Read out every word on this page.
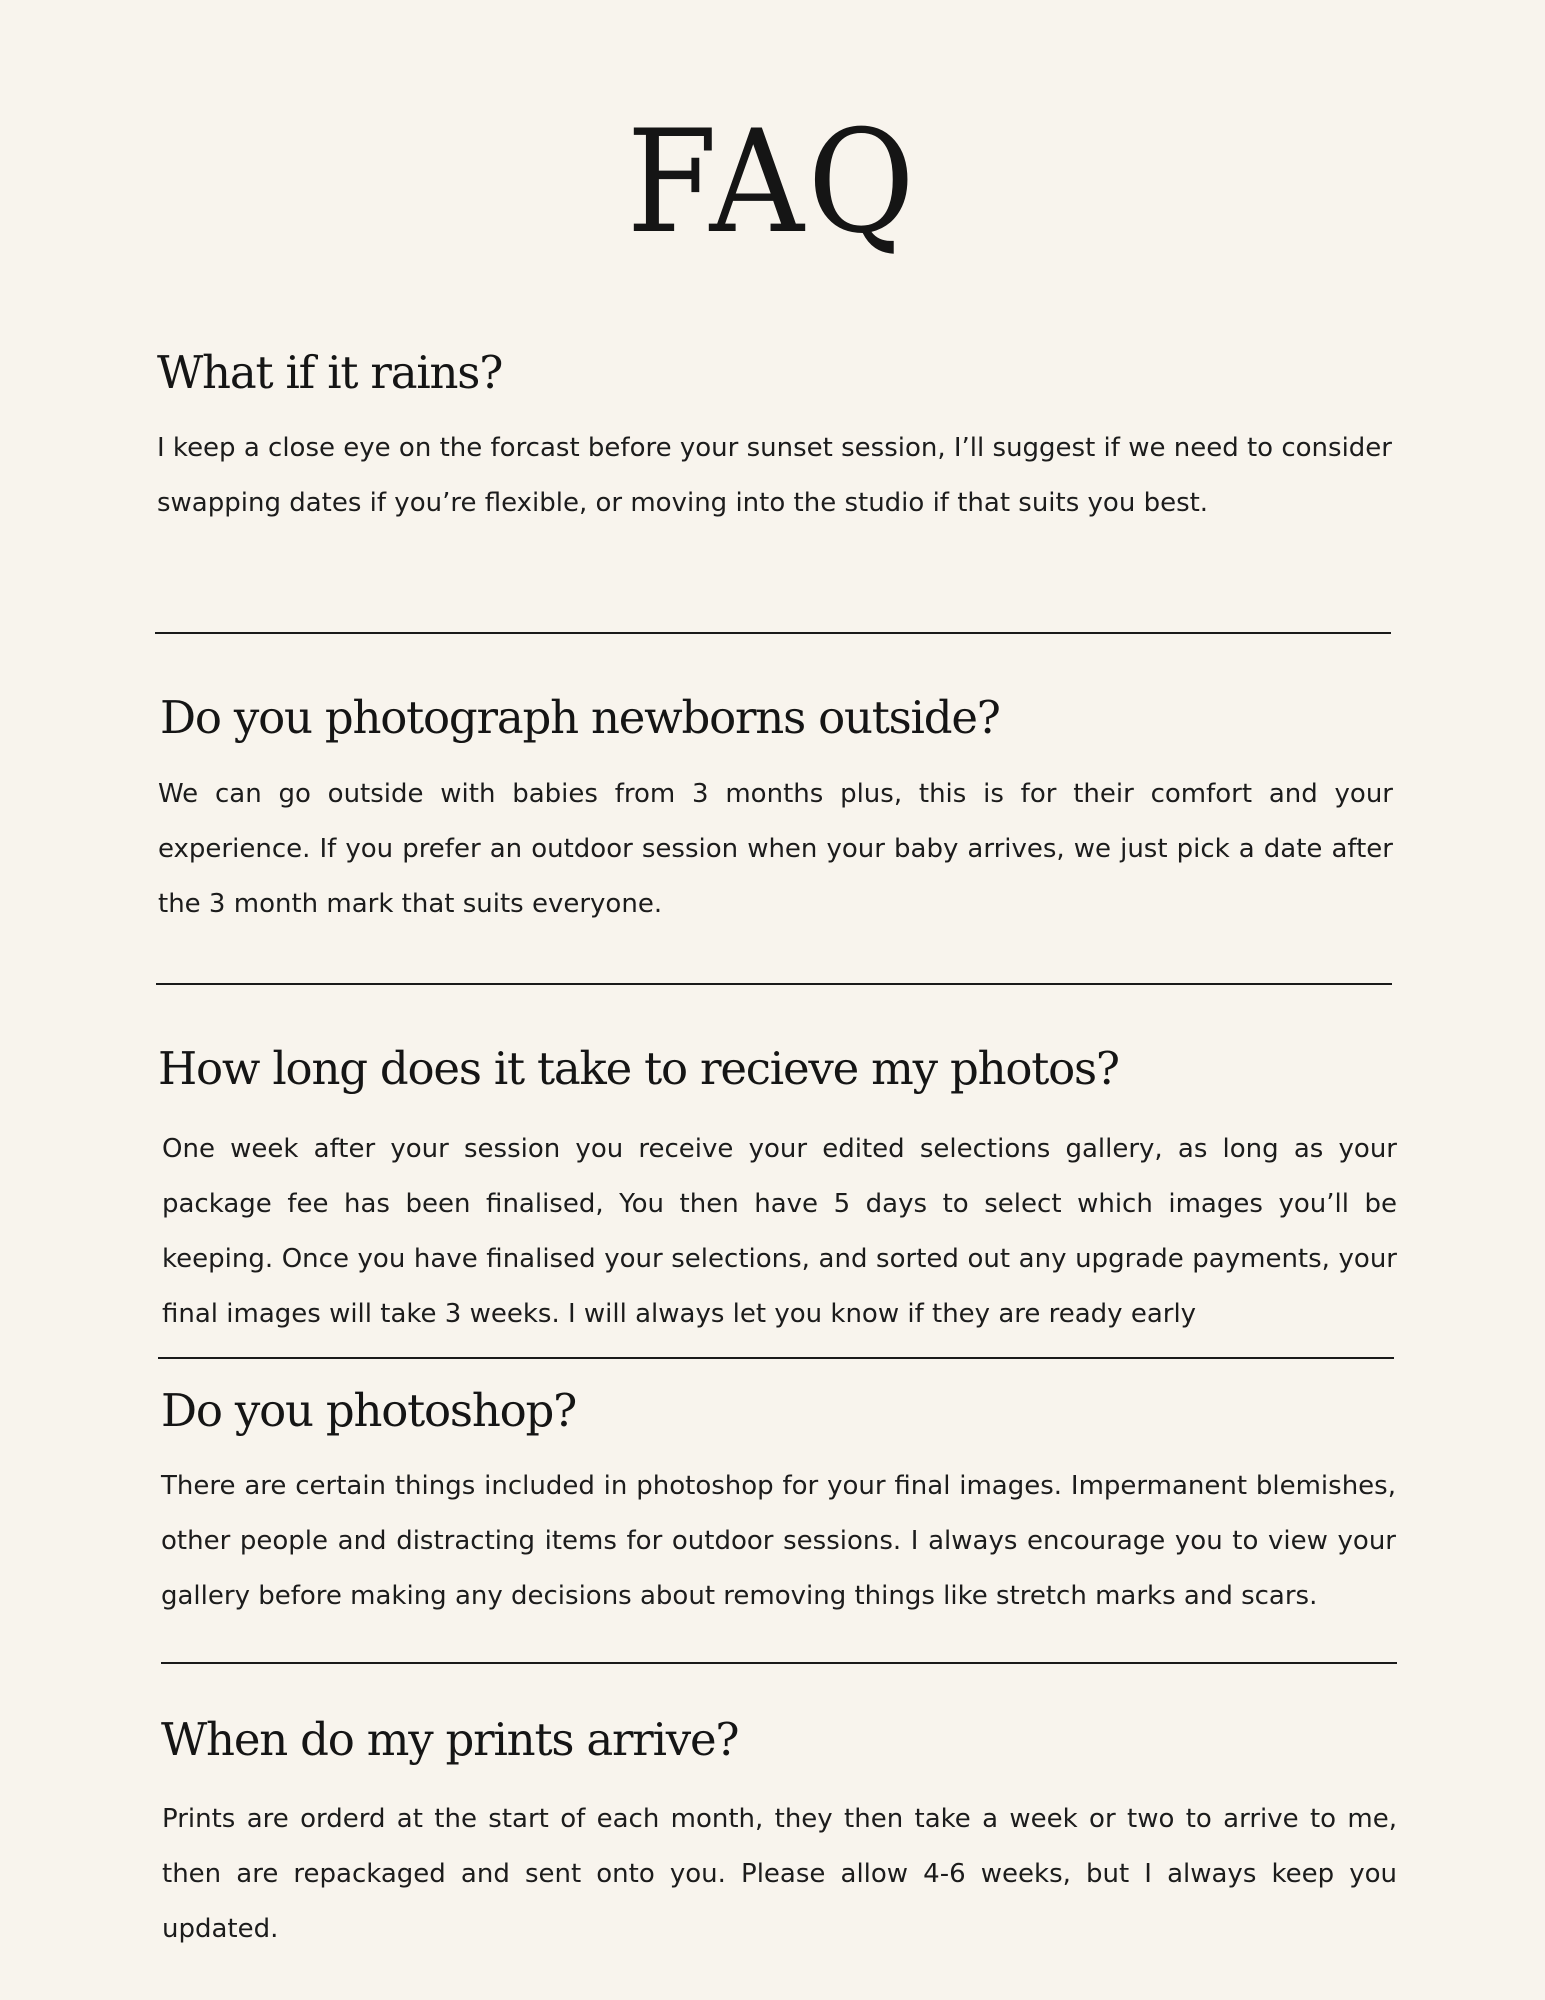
FAQ
What if it rains?

I keep a close eye on the forcast before your sunset session, I’ll suggest if we need to consider swapping dates if you’re flexible, or moving into the studio if that suits you best.

Do you photograph newborns outside?

We can go outside with babies from 3 months plus, this is for their comfort and your experience. If you prefer an outdoor session when your baby arrives, we just pick a date after the 3 month mark that suits everyone.

How long does it take to recieve my photos?

One week after your session you receive your edited selections gallery, as long as your package fee has been finalised, You then have 5 days to select which images you’ll be keeping. Once you have finalised your selections, and sorted out any upgrade payments, your final images will take 3 weeks. I will always let you know if they are ready early

Do you photoshop?

There are certain things included in photoshop for your final images. Impermanent blemishes, other people and distracting items for outdoor sessions. I always encourage you to view your gallery before making any decisions about removing things like stretch marks and scars.

When do my prints arrive?

Prints are orderd at the start of each month, they then take a week or two to arrive to me, then are repackaged and sent onto you. Please allow 4-6 weeks, but I always keep you updated.
